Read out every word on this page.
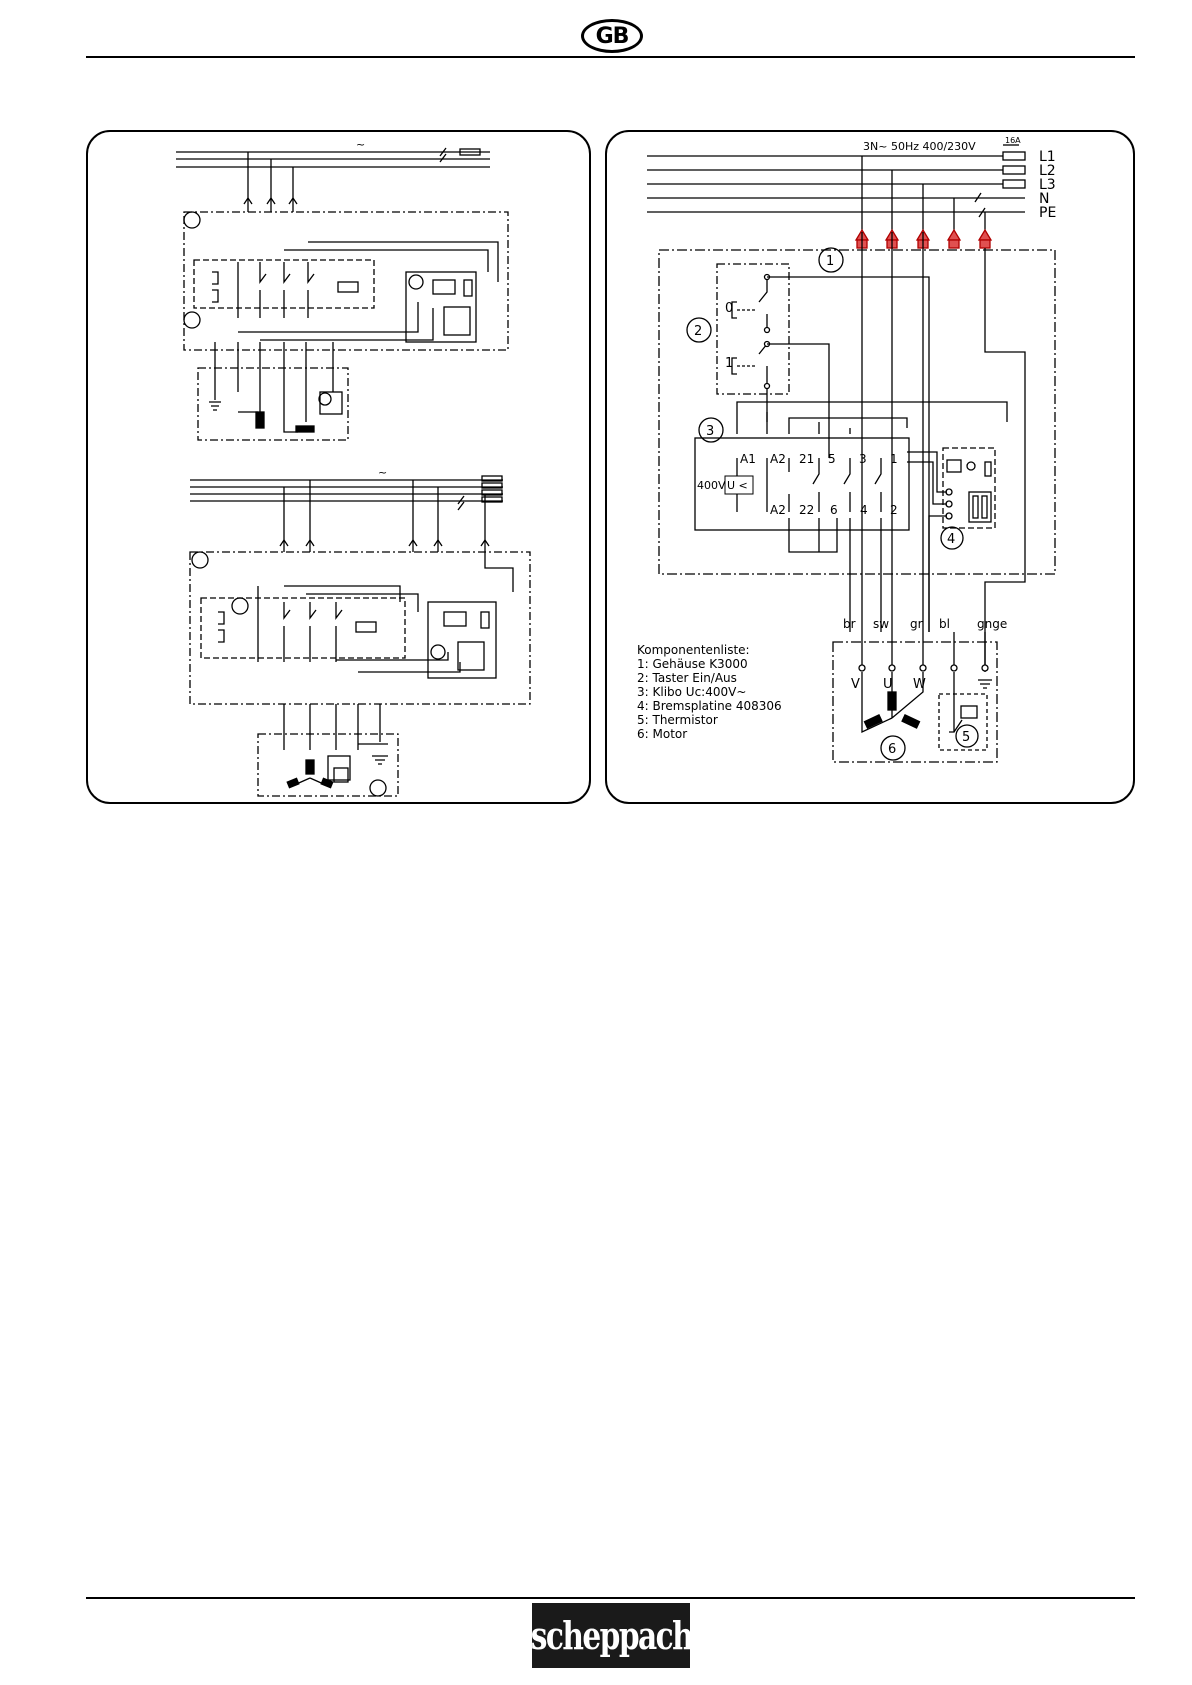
GB
~
~
3N~ 50Hz 400/230V	16A
L1
L2
L3
N
PE
1
2
0
1
3
A1 A2 21 5 3 1
A2 22 6 4 2
400V U <
4
br sw gr bl gnge
V U W
5
6
Komponentenliste:
1: Gehäuse K3000
2: Taster Ein/Aus
3: Klibo Uc:400V~
4: Bremsplatine 408306
5: Thermistor
6: Motor
scheppach
